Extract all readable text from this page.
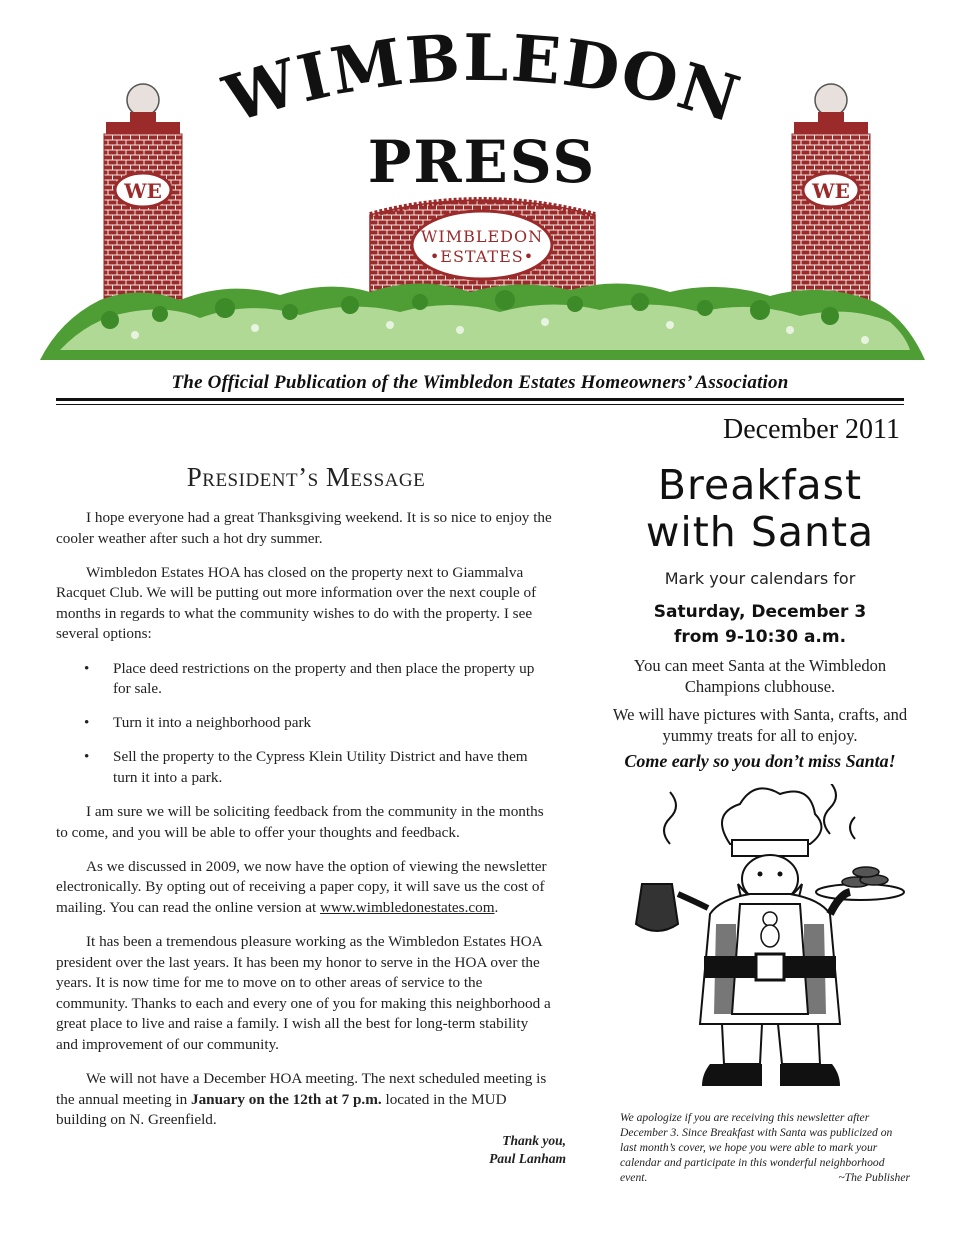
WIMBLEDON
PRESS
WE	WE
WIMBLEDON
•ESTATES•
The Official Publication of the Wimbledon Estates Homeowners’ Association
December 2011
President’s Message

I hope everyone had a great Thanksgiving weekend. It is so nice to enjoy the cooler weather after such a hot dry summer.

Wimbledon Estates HOA has closed on the property next to Giammalva Racquet Club. We will be putting out more information over the next couple of months in regards to what the community wishes to do with the property. I see several options:

• Place deed restrictions on the property and then place the property up for sale.
• Turn it into a neighborhood park
• Sell the property to the Cypress Klein Utility District and have them turn it into a park.

I am sure we will be soliciting feedback from the community in the months to come, and you will be able to offer your thoughts and feedback.

As we discussed in 2009, we now have the option of viewing the newsletter electronically. By opting out of receiving a paper copy, it will save us the cost of mailing. You can read the online version at www.wimbledonestates.com.

It has been a tremendous pleasure working as the Wimbledon Estates HOA president over the last years. It has been my honor to serve in the HOA over the years. It is now time for me to move on to other areas of service to the community. Thanks to each and every one of you for making this neighborhood a great place to live and raise a family. I wish all the best for long-term stability and improvement of our community.

We will not have a December HOA meeting. The next scheduled meeting is the annual meeting in January on the 12th at 7 p.m. located in the MUD building on N. Greenfield.

Thank you,
Paul Lanham
Breakfast
with Santa
Mark your calendars for
Saturday, December 3
from 9-10:30 a.m.

You can meet Santa at the Wimbledon Champions clubhouse.

We will have pictures with Santa, crafts, and yummy treats for all to enjoy.

Come early so you don’t miss Santa!
We apologize if you are receiving this newsletter after December 3. Since Breakfast with Santa was publicized on last month’s cover, we hope you were able to mark your calendar and participate in this wonderful neighborhood event.	~The Publisher
